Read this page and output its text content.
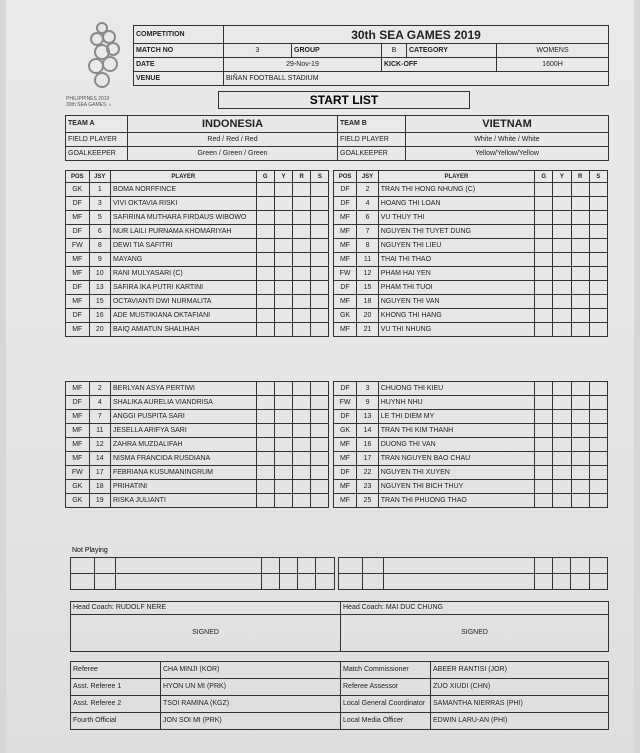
PHILIPPINES 2019
30th SEA GAMES ☼
COMPETITION	30th SEA GAMES 2019				
MATCH NO	3	GROUP	B	CATEGORY	WOMENS
DATE	29-Nov-19		KICK-OFF		1600H
VENUE	BIÑAN FOOTBALL STADIUM				
START LIST
TEAM A	INDONESIA	TEAM B	VIETNAM
FIELD PLAYER	Red / Red / Red	FIELD PLAYER	White / White / White
GOALKEEPER	Green / Green / Green	GOALKEEPER	Yellow/Yellow/Yellow
POS	JSY	PLAYER	G	Y	R	S		POS	JSY	PLAYER	G	Y	R	S
GK	1	BOMA NORFFINCE						DF	2	TRAN THI HONG NHUNG (C)				
DF	3	VIVI OKTAVIA RISKI						DF	4	HOANG THI LOAN				
MF	5	SAFIRINA MUTHARA FIRDAUS WIBOWO						MF	6	VU THUY THI				
DF	6	NUR LAILI PURNAMA KHOMARIYAH						MF	7	NGUYEN THI TUYET DUNG				
FW	8	DEWI TIA SAFITRI						MF	8	NGUYEN THI LIEU				
MF	9	MAYANG						MF	11	THAI THI THAO				
MF	10	RANI MULYASARI (C)						FW	12	PHAM HAI YEN				
DF	13	SAFIRA IKA PUTRI KARTINI						DF	15	PHAM THI TUOI				
MF	15	OCTAVIANTI DWI NURMALITA						MF	18	NGUYEN THI VAN				
DF	16	ADE MUSTIKIANA OKTAFIANI						GK	20	KHONG THI HANG				
MF	20	BAIQ AMIATUN SHALIHAH						MF	21	VU THI NHUNG				
MF	2	BERLYAN ASYA PERTIWI						DF	3	CHUONG THI KIEU				
DF	4	SHALIKA AURELIA VIANDRISA						FW	9	HUYNH NHU				
MF	7	ANGGI PUSPITA SARI						DF	13	LE THI DIEM MY				
MF	11	JESELLA ARIFYA SARI						GK	14	TRAN THI KIM THANH				
MF	12	ZAHRA MUZDALIFAH						MF	16	DUONG THI VAN				
MF	14	NISMA FRANCIDA RUSDIANA						MF	17	TRAN NGUYEN BAO CHAU				
FW	17	FEBRIANA KUSUMANINGRUM						DF	22	NGUYEN THI XUYEN				
GK	18	PRIHATINI						MF	23	NGUYEN THI BICH THUY				
GK	19	RISKA JULIANTI						MF	25	TRAN THI PHUONG THAO				
Not Playing

Head Coach: RUDOLF NERE	Head Coach: MAI DUC CHUNG
SIGNED	SIGNED
Referee	CHA MINJI (KOR)	Match Commissioner	ABEER RANTISI (JOR)
Asst. Referee 1	HYON UN MI (PRK)	Referee Assessor	ZUO XIUDI (CHN)
Asst. Referee 2	TSOI RAMINA (KGZ)	Local General Coordinator	SAMANTHA NIERRAS (PHI)
Fourth Official	JON SOI MI (PRK)	Local Media Officer	EDWIN LARU-AN (PHI)
